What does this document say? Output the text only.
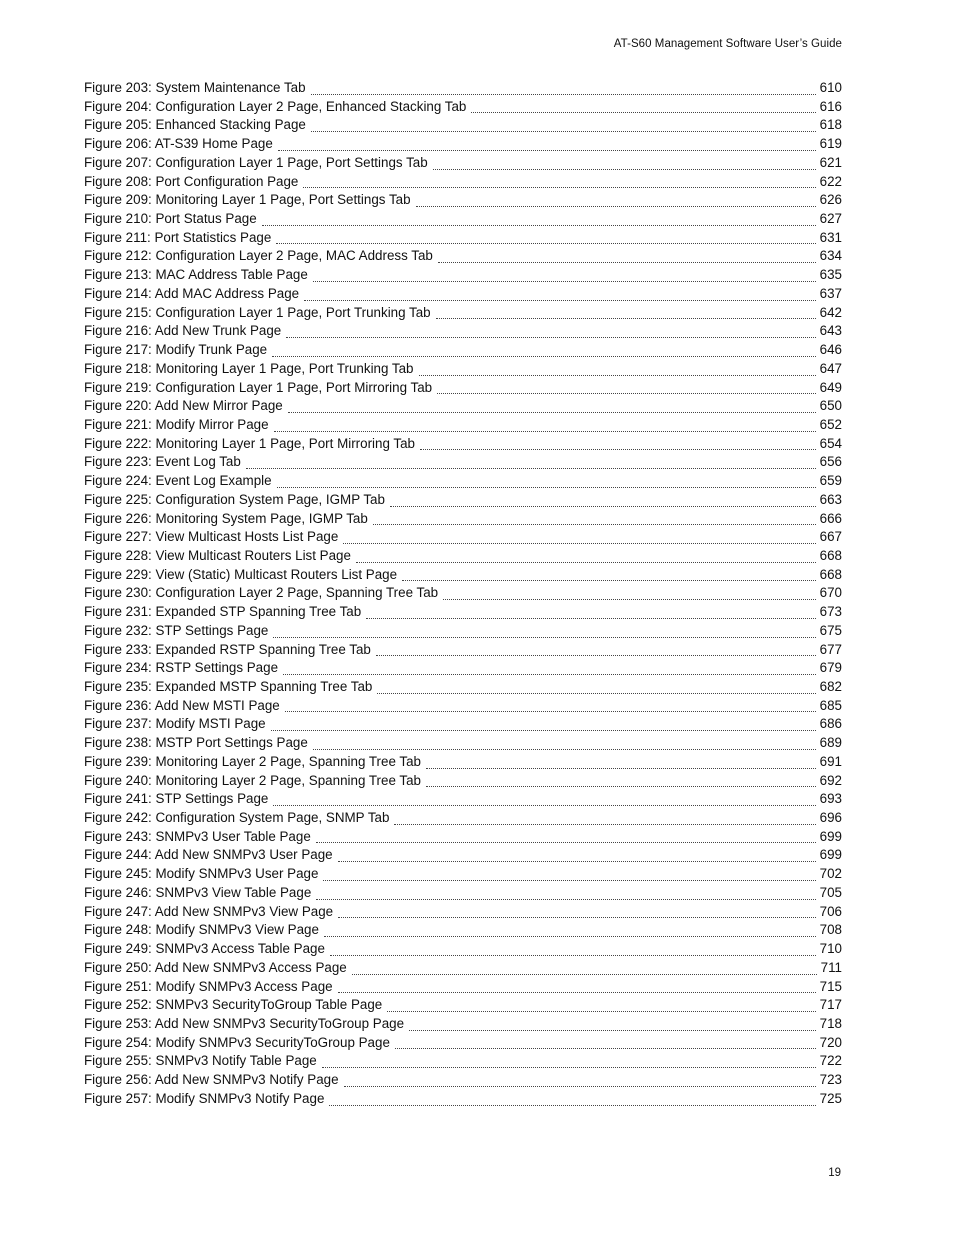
AT-S60 Management Software User’s Guide
Figure 203: System Maintenance Tab	610
Figure 204: Configuration Layer 2 Page, Enhanced Stacking Tab	616
Figure 205: Enhanced Stacking Page	618
Figure 206: AT-S39 Home Page	619
Figure 207: Configuration Layer 1 Page, Port Settings Tab	621
Figure 208: Port Configuration Page	622
Figure 209: Monitoring Layer 1 Page, Port Settings Tab	626
Figure 210: Port Status Page	627
Figure 211: Port Statistics Page	631
Figure 212: Configuration Layer 2 Page, MAC Address Tab	634
Figure 213: MAC Address Table Page	635
Figure 214: Add MAC Address Page	637
Figure 215: Configuration Layer 1 Page, Port Trunking Tab	642
Figure 216: Add New Trunk Page	643
Figure 217: Modify Trunk Page	646
Figure 218: Monitoring Layer 1 Page, Port Trunking Tab	647
Figure 219: Configuration Layer 1 Page, Port Mirroring Tab	649
Figure 220: Add New Mirror Page	650
Figure 221: Modify Mirror Page	652
Figure 222: Monitoring Layer 1 Page, Port Mirroring Tab	654
Figure 223: Event Log Tab	656
Figure 224: Event Log Example	659
Figure 225: Configuration System Page, IGMP Tab	663
Figure 226: Monitoring System Page, IGMP Tab	666
Figure 227: View Multicast Hosts List Page	667
Figure 228: View Multicast Routers List Page	668
Figure 229: View (Static) Multicast Routers List Page	668
Figure 230: Configuration Layer 2 Page, Spanning Tree Tab	670
Figure 231: Expanded STP Spanning Tree Tab	673
Figure 232: STP Settings Page	675
Figure 233: Expanded RSTP Spanning Tree Tab	677
Figure 234: RSTP Settings Page	679
Figure 235: Expanded MSTP Spanning Tree Tab	682
Figure 236: Add New MSTI Page	685
Figure 237: Modify MSTI Page	686
Figure 238: MSTP Port Settings Page	689
Figure 239: Monitoring Layer 2 Page, Spanning Tree Tab	691
Figure 240: Monitoring Layer 2 Page, Spanning Tree Tab	692
Figure 241: STP Settings Page	693
Figure 242: Configuration System Page, SNMP Tab	696
Figure 243: SNMPv3 User Table Page	699
Figure 244: Add New SNMPv3 User Page	699
Figure 245: Modify SNMPv3 User Page	702
Figure 246: SNMPv3 View Table Page	705
Figure 247: Add New SNMPv3 View Page	706
Figure 248: Modify SNMPv3 View Page	708
Figure 249: SNMPv3 Access Table Page	710
Figure 250: Add New SNMPv3 Access Page	711
Figure 251: Modify SNMPv3 Access Page	715
Figure 252: SNMPv3 SecurityToGroup Table Page	717
Figure 253: Add New SNMPv3 SecurityToGroup Page	718
Figure 254: Modify SNMPv3 SecurityToGroup Page	720
Figure 255: SNMPv3 Notify Table Page	722
Figure 256: Add New SNMPv3 Notify Page	723
Figure 257: Modify SNMPv3 Notify Page	725
19
